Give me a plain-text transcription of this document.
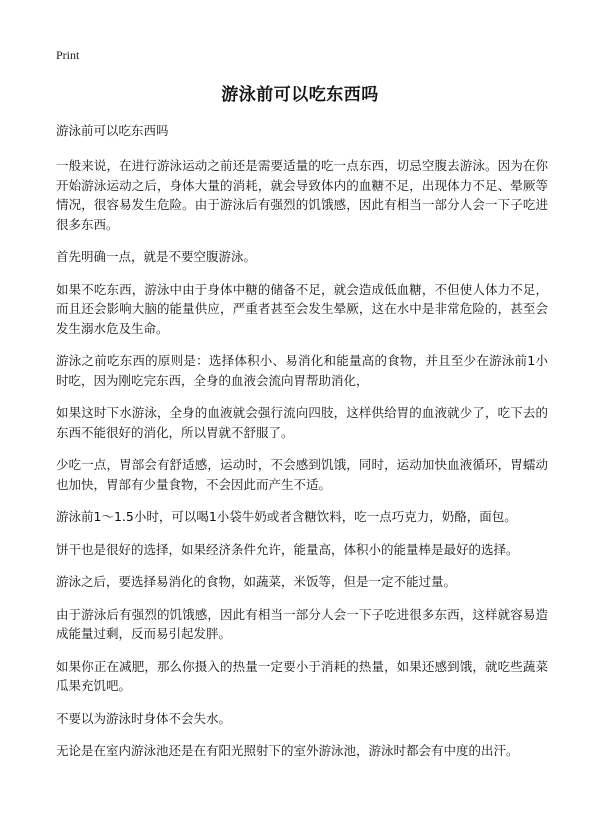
Print
游泳前可以吃东西吗

游泳前可以吃东西吗

一般来说，在进行游泳运动之前还是需要适量的吃一点东西，切忌空腹去游泳。因为在你开始游泳运动之后，身体大量的消耗，就会导致体内的血糖不足，出现体力不足、晕厥等情况，很容易发生危险。由于游泳后有强烈的饥饿感，因此有相当一部分人会一下子吃进很多东西。

首先明确一点，就是不要空腹游泳。

如果不吃东西，游泳中由于身体中糖的储备不足，就会造成低血糖，不但使人体力不足，而且还会影响大脑的能量供应，严重者甚至会发生晕厥，这在水中是非常危险的，甚至会发生溺水危及生命。

游泳之前吃东西的原则是：选择体积小、易消化和能量高的食物，并且至少在游泳前1小时吃，因为刚吃完东西，全身的血液会流向胃帮助消化，

如果这时下水游泳，全身的血液就会强行流向四肢，这样供给胃的血液就少了，吃下去的东西不能很好的消化，所以胃就不舒服了。

少吃一点，胃部会有舒适感，运动时，不会感到饥饿，同时，运动加快血液循环，胃蠕动也加快，胃部有少量食物，不会因此而产生不适。

游泳前1～1.5小时，可以喝1小袋牛奶或者含糖饮料，吃一点巧克力，奶酪，面包。

饼干也是很好的选择，如果经济条件允许，能量高，体积小的能量棒是最好的选择。

游泳之后，要选择易消化的食物，如蔬菜，米饭等，但是一定不能过量。

由于游泳后有强烈的饥饿感，因此有相当一部分人会一下子吃进很多东西，这样就容易造成能量过剩，反而易引起发胖。

如果你正在减肥，那么你摄入的热量一定要小于消耗的热量，如果还感到饿，就吃些蔬菜瓜果充饥吧。

不要以为游泳时身体不会失水。

无论是在室内游泳池还是在有阳光照射下的室外游泳池，游泳时都会有中度的出汗。
